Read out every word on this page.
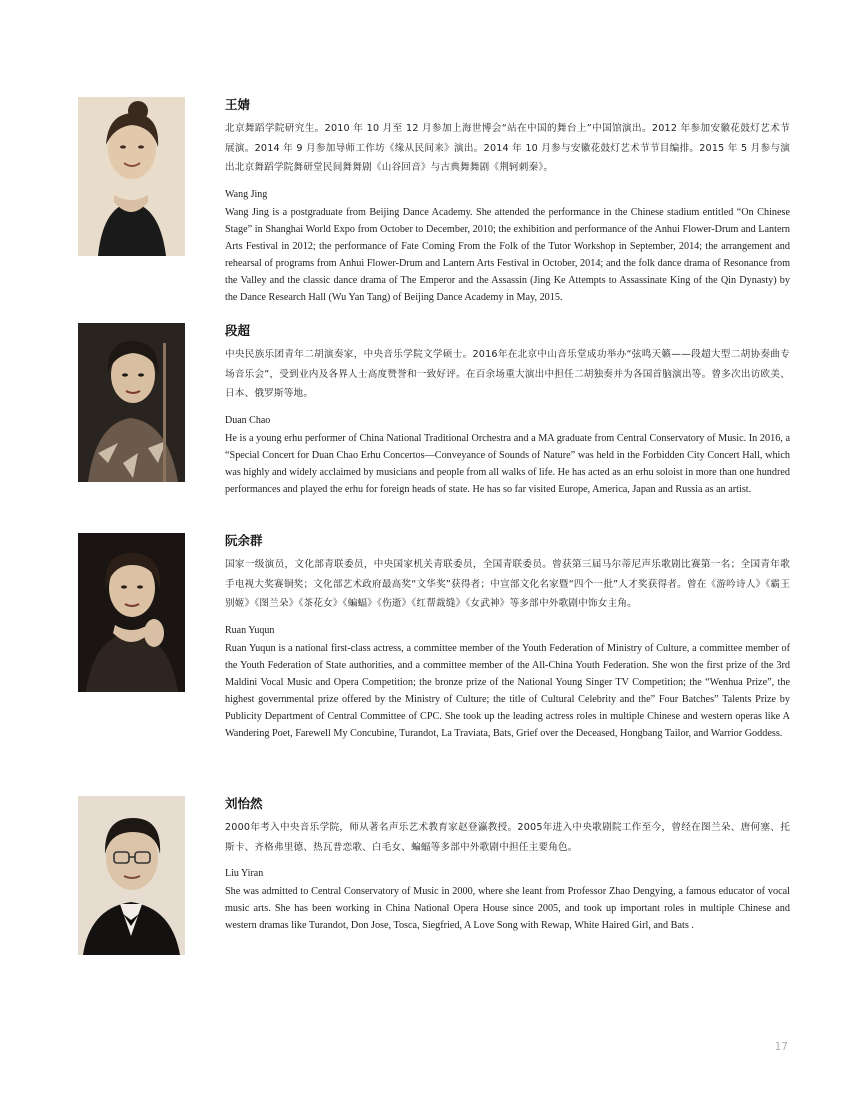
王婧

北京舞蹈学院研究生。2010 年 10 月至 12 月参加上海世博会“站在中国的舞台上”中国馆演出。2012 年参加安徽花鼓灯艺术节展演。2014 年 9 月参加导师工作坊《缘从民间来》演出。2014 年 10 月参与安徽花鼓灯艺术节节目编排。2015 年 5 月参与演出北京舞蹈学院舞研堂民间舞舞剧《山谷回音》与古典舞舞剧《荆轲刺秦》。

Wang Jing

Wang Jing is a postgraduate from Beijing Dance Academy. She attended the performance in the Chinese stadium entitled “On Chinese Stage” in Shanghai World Expo from October to December, 2010; the exhibition and performance of the Anhui Flower-Drum and Lantern Arts Festival in 2012; the performance of Fate Coming From the Folk of the Tutor Workshop in September, 2014; the arrangement and rehearsal of programs from Anhui Flower-Drum and Lantern Arts Festival in October, 2014; and the folk dance drama of Resonance from the Valley and the classic dance drama of The Emperor and the Assassin (Jing Ke Attempts to Assassinate King of the Qin Dynasty) by the Dance Research Hall (Wu Yan Tang) of Beijing Dance Academy in May, 2015.

段超

中央民族乐团青年二胡演奏家，中央音乐学院文学硕士。2016年在北京中山音乐堂成功举办“弦鸣天籁——段超大型二胡协奏曲专场音乐会”，受到业内及各界人士高度赞誉和一致好评。在百余场重大演出中担任二胡独奏并为各国首脑演出等。曾多次出访欧美、日本、俄罗斯等地。

Duan Chao

He is a young erhu performer of China National Traditional Orchestra and a MA graduate from Central Conservatory of Music. In 2016, a “Special Concert for Duan Chao Erhu Concertos—Conveyance of Sounds of Nature” was held in the Forbidden City Concert Hall, which was highly and widely acclaimed by musicians and people from all walks of life. He has acted as an erhu soloist in more than one hundred performances and played the erhu for foreign heads of state. He has so far visited Europe, America, Japan and Russia as an artist.

阮余群

国家一级演员，文化部青联委员，中央国家机关青联委员，全国青联委员。曾获第三届马尔蒂尼声乐歌剧比赛第一名；全国青年歌手电视大奖赛铜奖；文化部艺术政府最高奖“文华奖”获得者；中宣部文化名家暨“四个一批”人才奖获得者。曾在《游吟诗人》《霸王别姬》《图兰朵》《茶花女》《蝙蝠》《伤逝》《红帮裁缝》《女武神》等多部中外歌剧中饰女主角。

Ruan Yuqun

Ruan Yuqun is a national first-class actress, a committee member of the Youth Federation of Ministry of Culture, a committee member of the Youth Federation of State authorities, and a committee member of the All-China Youth Federation. She won the first prize of the 3rd Maldini Vocal Music and Opera Competition; the bronze prize of the National Young Singer TV Competition; the “Wenhua Prize”, the highest governmental prize offered by the Ministry of Culture; the title of Cultural Celebrity and the” Four Batches” Talents Prize by Publicity Department of Central Committee of CPC. She took up the leading actress roles in multiple Chinese and western operas like A Wandering Poet, Farewell My Concubine, Turandot, La Traviata, Bats, Grief over the Deceased, Hongbang Tailor, and Warrior Goddess.

刘怡然

2000年考入中央音乐学院，师从著名声乐艺术教育家赵登瀛教授。2005年进入中央歌剧院工作至今，曾经在图兰朵、唐何塞、托斯卡、齐格弗里德、热瓦普恋歌、白毛女、蝙蝠等多部中外歌剧中担任主要角色。

Liu Yiran

She was admitted to Central Conservatory of Music in 2000, where she leant from Professor Zhao Dengying, a famous educator of vocal music arts. She has been working in China National Opera House since 2005, and took up important roles in multiple Chinese and western dramas like Turandot, Don Jose, Tosca, Siegfried, A Love Song with Rewap, White Haired Girl, and Bats .

17
